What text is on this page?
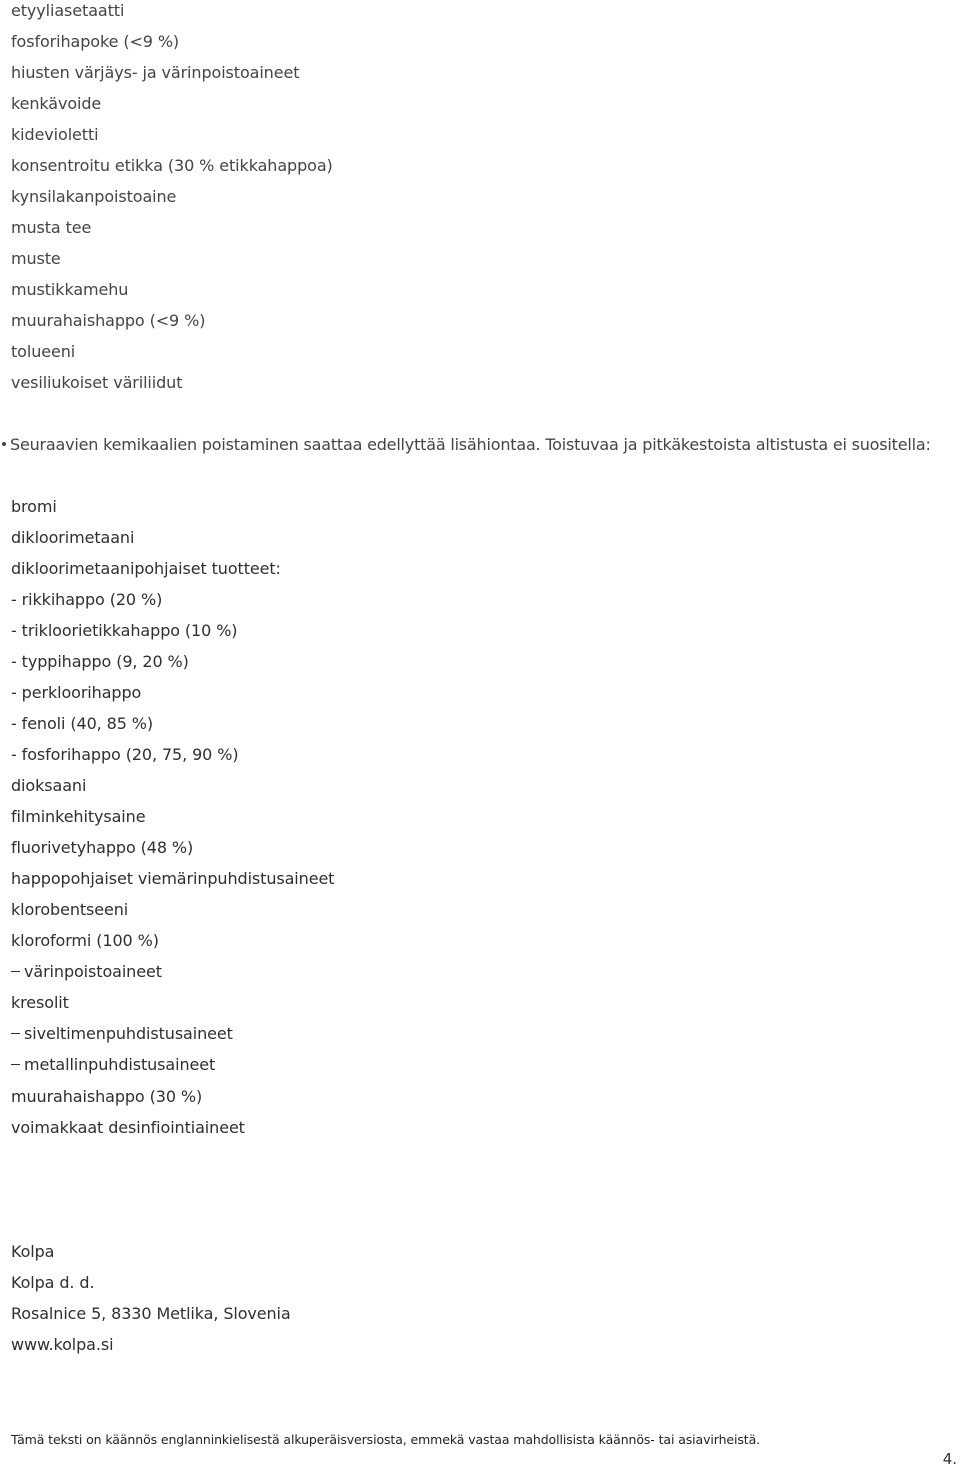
etyyliasetaatti
fosforihapoke (<9 %)
hiusten värjäys- ja värinpoistoaineet
kenkävoide
kidevioletti
konsentroitu etikka (30 % etikkahappoa)
kynsilakanpoistoaine
musta tee
muste
mustikkamehu
muurahaishappo (<9 %)
tolueeni
vesiliukoiset väriliidut
Seuraavien kemikaalien poistaminen saattaa edellyttää lisähiontaa. Toistuvaa ja pitkäkestoista altistusta ei suositella:
bromi
dikloorimetaani
dikloorimetaanipohjaiset tuotteet:
- rikkihappo (20 %)
- trikloorietikkahappo (10 %)
- typpihappo (9, 20 %)
- perkloorihappo
- fenoli (40, 85 %)
- fosforihappo (20, 75, 90 %)
dioksaani
filminkehitysaine
fluorivetyhappo (48 %)
happopohjaiset viemärinpuhdistusaineet
klorobentseeni
kloroformi (100 %)
värinpoistoaineet
kresolit
siveltimenpuhdistusaineet
metallinpuhdistusaineet
muurahaishappo (30 %)
voimakkaat desinfiointiaineet
Kolpa
Kolpa d. d.
Rosalnice 5, 8330 Metlika, Slovenia
www.kolpa.si
Tämä teksti on käännös englanninkielisestä alkuperäisversiosta, emmekä vastaa mahdollisista käännös- tai asiavirheistä.
4.
